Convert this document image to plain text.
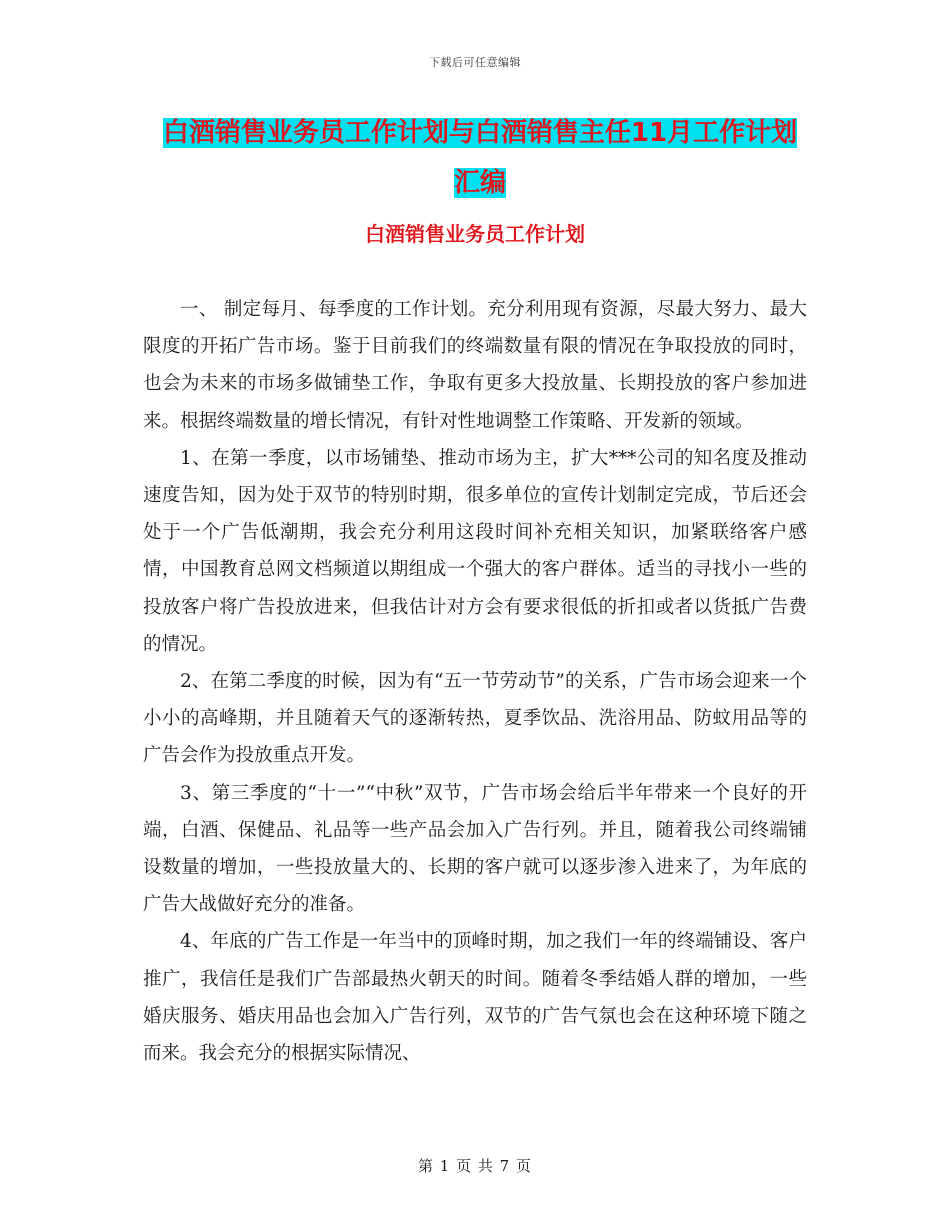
下载后可任意编辑
白酒销售业务员工作计划与白酒销售主任11月工作计划汇编
白酒销售业务员工作计划

一、 制定每月、每季度的工作计划。充分利用现有资源，尽最大努力、最大限度的开拓广告市场。鉴于目前我们的终端数量有限的情况在争取投放的同时，也会为未来的市场多做铺垫工作，争取有更多大投放量、长期投放的客户参加进来。根据终端数量的增长情况，有针对性地调整工作策略、开发新的领域。

1、在第一季度，以市场铺垫、推动市场为主，扩大***公司的知名度及推动速度告知，因为处于双节的特别时期，很多单位的宣传计划制定完成，节后还会处于一个广告低潮期，我会充分利用这段时间补充相关知识，加紧联络客户感情，中国教育总网文档频道以期组成一个强大的客户群体。适当的寻找小一些的投放客户将广告投放进来，但我估计对方会有要求很低的折扣或者以货抵广告费的情况。

2、在第二季度的时候，因为有“五一节劳动节”的关系，广告市场会迎来一个小小的高峰期，并且随着天气的逐渐转热，夏季饮品、洗浴用品、防蚊用品等的广告会作为投放重点开发。

3、第三季度的“十一”“中秋”双节，广告市场会给后半年带来一个良好的开端，白酒、保健品、礼品等一些产品会加入广告行列。并且，随着我公司终端铺设数量的增加，一些投放量大的、长期的客户就可以逐步渗入进来了，为年底的广告大战做好充分的准备。

4、年底的广告工作是一年当中的顶峰时期，加之我们一年的终端铺设、客户推广，我信任是我们广告部最热火朝天的时间。随着冬季结婚人群的增加，一些婚庆服务、婚庆用品也会加入广告行列，双节的广告气氛也会在这种环境下随之而来。我会充分的根据实际情况、

第 1 页 共 7 页
